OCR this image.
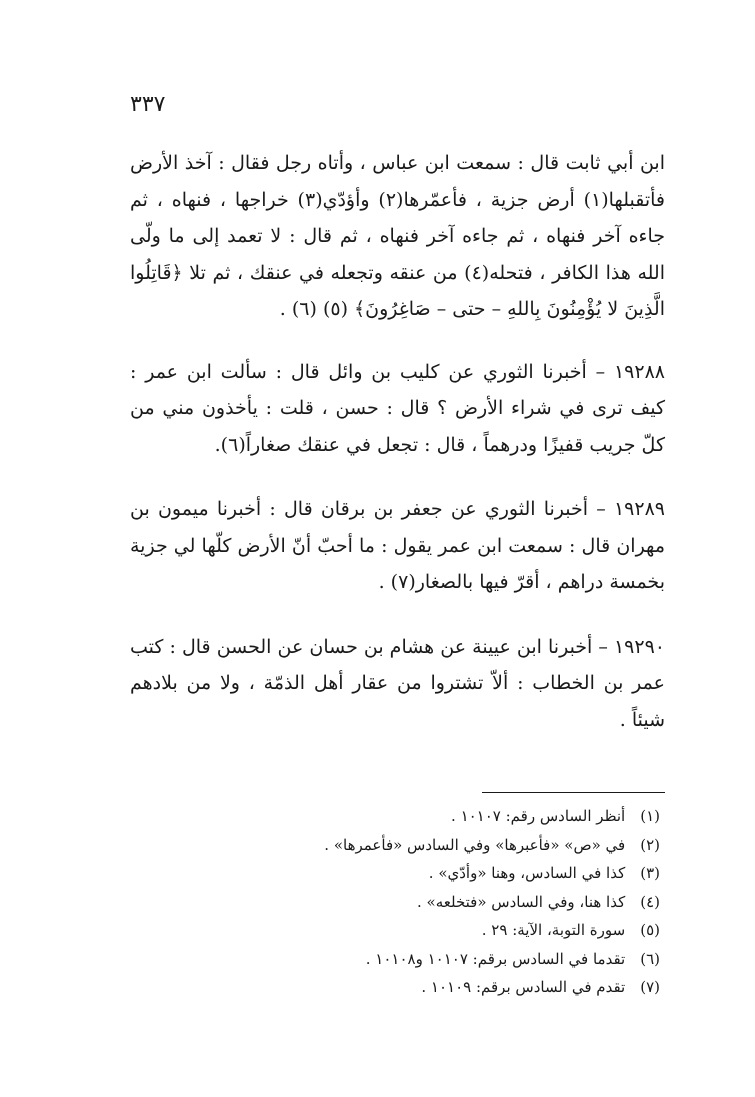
٣٣٧

ابن أبي ثابت قال : سمعت ابن عباس ، وأتاه رجل فقال : آخذ الأرض فأتقبلها(١) أرض جزية ، فأعمّرها(٢) وأؤدّي(٣) خراجها ، فنهاه ، ثم جاءه آخر فنهاه ، ثم جاءه آخر فنهاه ، ثم قال : لا تعمد إلى ما ولّى الله هذا الكافر ، فتحله(٤) من عنقه وتجعله في عنقك ، ثم تلا ﴿قَاتِلُوا الَّذِينَ لا يُؤْمِنُونَ بِاللهِ – حتى – صَاغِرُونَ﴾ (٥) (٦) .

١٩٢٨٨ – أخبرنا الثوري عن كليب بن وائل قال : سألت ابن عمر : كيف ترى في شراء الأرض ؟ قال : حسن ، قلت : يأخذون مني من كلّ جريب قفيزًا ودرهماً ، قال : تجعل في عنقك صغاراً(٦).

١٩٢٨٩ – أخبرنا الثوري عن جعفر بن برقان قال : أخبرنا ميمون بن مهران قال : سمعت ابن عمر يقول : ما أحبّ أنّ الأرض كلّها لي جزية بخمسة دراهم ، أقرّ فيها بالصغار(٧) .

١٩٢٩٠ – أخبرنا ابن عيينة عن هشام بن حسان عن الحسن قال : كتب عمر بن الخطاب : ألاّ تشتروا من عقار أهل الذمّة ، ولا من بلادهم شيئاً .

(١) أنظر السادس رقم: ١٠١٠٧ .
(٢) في «ص» «فأعبرها» وفي السادس «فأعمرها» .
(٣) كذا في السادس، وهنا «وأدّي» .
(٤) كذا هنا، وفي السادس «فتخلعه» .
(٥) سورة التوبة، الآية: ٢٩ .
(٦) تقدما في السادس برقم: ١٠١٠٧ و١٠١٠٨ .
(٧) تقدم في السادس برقم: ١٠١٠٩ .
